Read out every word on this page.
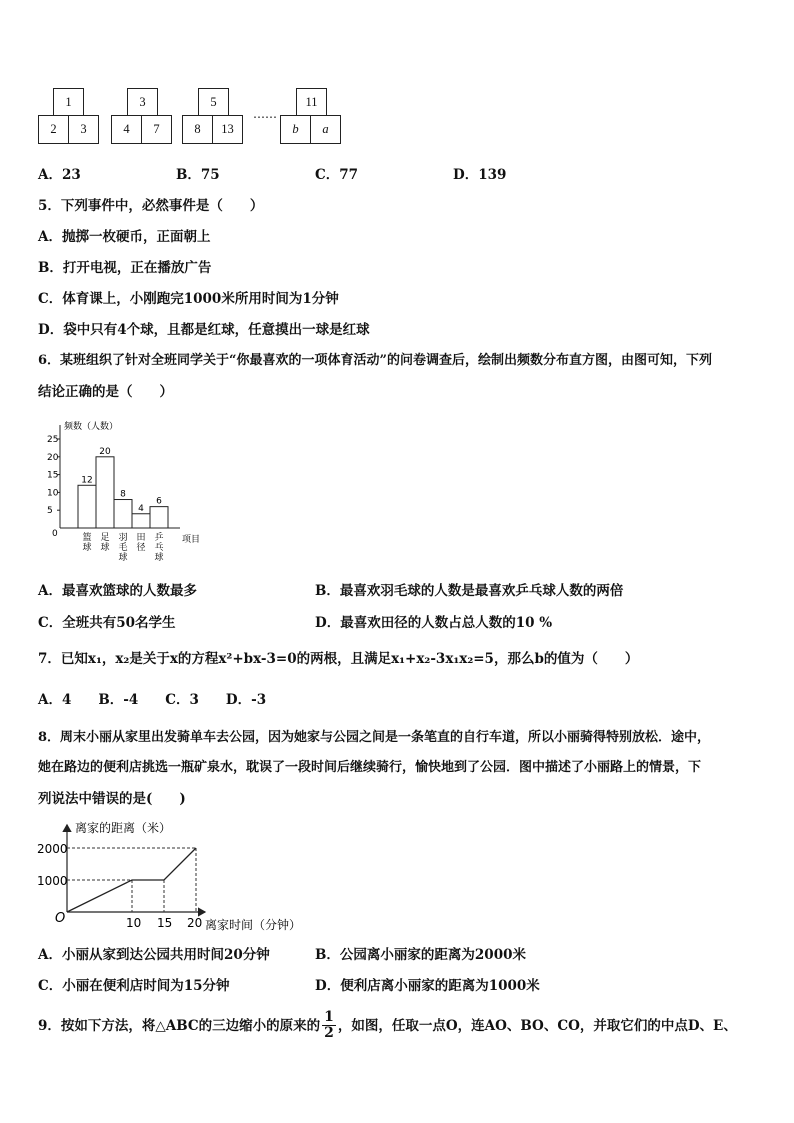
1
2 3
3
4 7
5
8 13
……
11
b a
A．23	B．75	C．77	D．139
5．下列事件中，必然事件是（　　）
A．抛掷一枚硬币，正面朝上
B．打开电视，正在播放广告
C．体育课上，小刚跑完1000米所用时间为1分钟
D．袋中只有4个球，且都是红球，任意摸出一球是红球
6．某班组织了针对全班同学关于“你最喜欢的一项体育活动”的问卷调查后，绘制出频数分布直方图，由图可知，下列
结论正确的是（　　）
频数（人数）
项目
25
20
15
10
5
0
12
20
8
4
6
篮球
足球
羽毛球
田径
乒乓球
A．最喜欢篮球的人数最多	B．最喜欢羽毛球的人数是最喜欢乒乓球人数的两倍
C．全班共有50名学生	D．最喜欢田径的人数占总人数的10 %
7．已知x₁，x₂是关于x的方程x²+bx-3=0的两根，且满足x₁+x₂-3x₁x₂=5，那么b的值为（　　）
A．4　　B．-4　　C．3　　D．-3
8．周末小丽从家里出发骑单车去公园，因为她家与公园之间是一条笔直的自行车道，所以小丽骑得特别放松．途中，
她在路边的便利店挑选一瓶矿泉水，耽误了一段时间后继续骑行，愉快地到了公园．图中描述了小丽路上的情景，下
列说法中错误的是(　　)
离家的距离（米）
离家时间（分钟）
O
2000
1000
10 15 20
A．小丽从家到达公园共用时间20分钟	B．公园离小丽家的距离为2000米
C．小丽在便利店时间为15分钟	D．便利店离小丽家的距离为1000米
9．按如下方法，将△ABC的三边缩小的原来的 $\frac{1}{2}$ ，如图，任取一点O，连AO、BO、CO，并取它们的中点D、E、
